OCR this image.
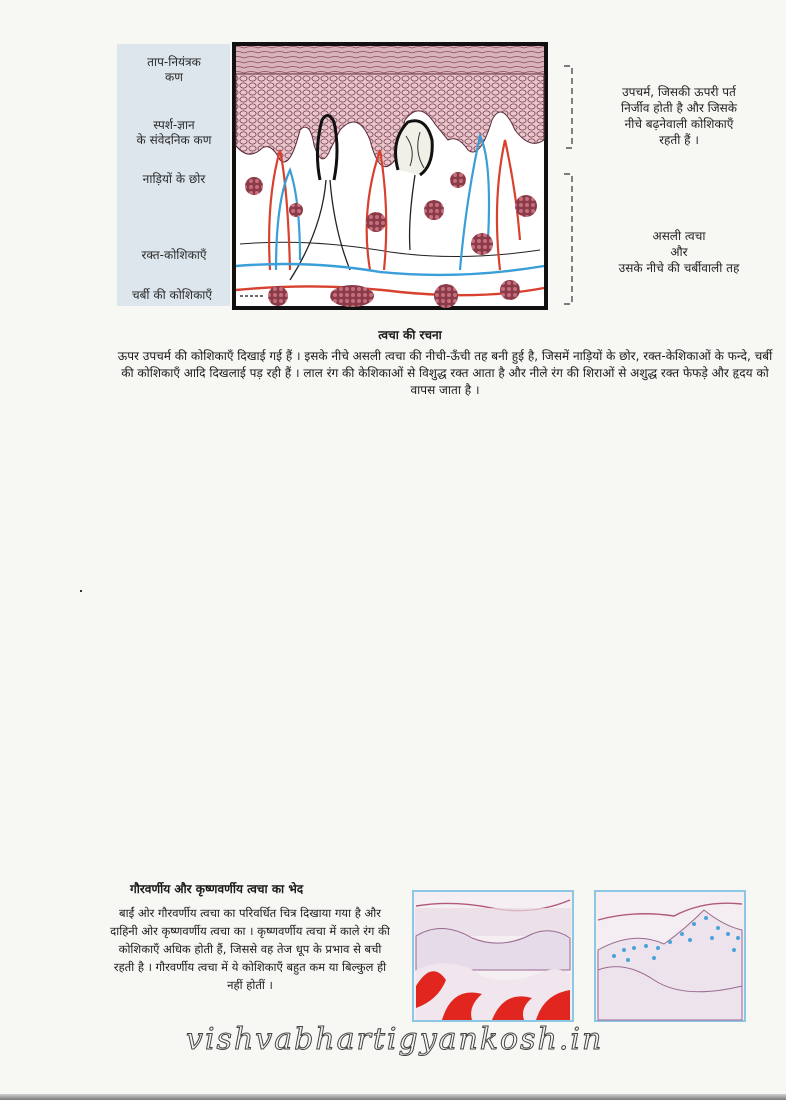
ताप-नियंत्रक
कण
स्पर्श-ज्ञान
के संवेदनिक कण
नाड़ियों के छोर
रक्त-कोशिकाएँ
चर्बी की कोशिकाएँ
उपचर्म, जिसकी ऊपरी पर्त
निर्जीव होती है और जिसके
नीचे बढ़नेवाली कोशिकाएँ
रहती हैं ।
असली त्वचा
और
उसके नीचे की चर्बीवाली तह
त्वचा की रचना
ऊपर उपचर्म की कोशिकाएँ दिखाई गई हैं । इसके नीचे असली त्वचा की नीची-ऊँची तह बनी हुई है, जिसमें नाड़ियों के छोर, रक्त-केशिकाओं के फन्दे, चर्बी की कोशिकाएँ आदि दिखलाई पड़ रही हैं । लाल रंग की केशिकाओं से विशुद्ध रक्त आता है और नीले रंग की शिराओं से अशुद्ध रक्त फेफड़े और हृदय को वापस जाता है ।
गौरवर्णीय और कृष्णवर्णीय त्वचा का भेद
बाईं ओर गौरवर्णीय त्वचा का परिवर्धित चित्र दिखाया गया है और दाहिनी ओर कृष्णवर्णीय त्वचा का । कृष्णवर्णीय त्वचा में काले रंग की कोशिकाएँ अधिक होती हैं, जिससे वह तेज धूप के प्रभाव से बची रहती है । गौरवर्णीय त्वचा में ये कोशिकाएँ बहुत कम या बिल्कुल ही नहीं होतीं ।
vishvabhartigyankosh.in
